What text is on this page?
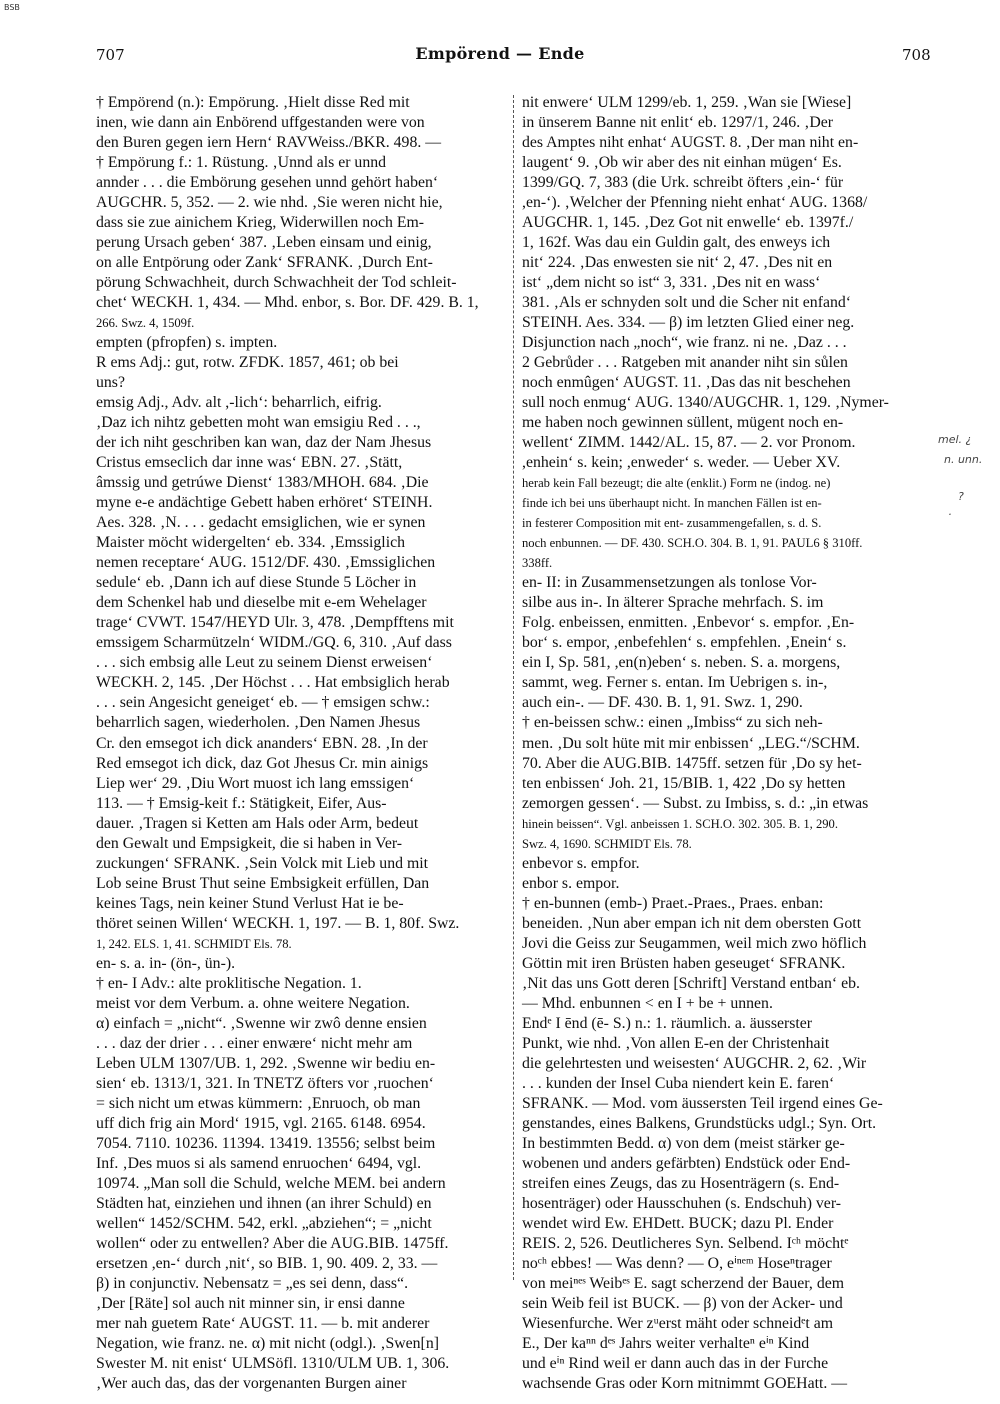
BSB
707	Empörend — Ende	708
† Empörend (n.): Empörung. ‚Hielt disse Red mit
inen, wie dann ain Enbörend uffgestanden were von
den Buren gegen iern Hern‘ RAVWeiss./BKR. 498. —
† Empörung f.: 1. Rüstung. ‚Unnd als er unnd
annder . . . die Embörung gesehen unnd gehört haben‘
AUGCHR. 5, 352. — 2. wie nhd. ‚Sie weren nicht hie,
dass sie zue ainichem Krieg, Widerwillen noch Em-
perung Ursach geben‘ 387. ‚Leben einsam und einig,
on alle Entpörung oder Zank‘ SFRANK. ‚Durch Ent-
pörung Schwachheit, durch Schwachheit der Tod schleit-
chet‘ WECKH. 1, 434. — Mhd. enbor, s. Bor. DF. 429. B. 1,
266. Swz. 4, 1509f.
empten (pfropfen) s. impten.
R ems Adj.: gut, rotw. ZFDK. 1857, 461; ob bei
uns?
emsig Adj., Adv. alt ,-lich‘: beharrlich, eifrig.
‚Daz ich nihtz gebetten moht wan emsigiu Red . . .,
der ich niht geschriben kan wan, daz der Nam Jhesus
Cristus emseclich dar inne was‘ EBN. 27. ‚Stätt,
âmssig und getrúwe Dienst‘ 1383/MHOH. 684. ‚Die
myne e-e andächtige Gebett haben erhöret‘ STEINH.
Aes. 328. ‚N. . . . gedacht emsiglichen, wie er synen
Maister möcht widergelten‘ eb. 334. ‚Emssiglich
nemen receptare‘ AUG. 1512/DF. 430. ‚Emssiglichen
sedule‘ eb. ‚Dann ich auf diese Stunde 5 Löcher in
dem Schenkel hab und dieselbe mit e-em Wehelager
trage‘ CVWT. 1547/HEYD Ulr. 3, 478. ‚Dempfftens mit
emssigem Scharmützeln‘ WIDM./GQ. 6, 310. ‚Auf dass
. . . sich embsig alle Leut zu seinem Dienst erweisen‘
WECKH. 2, 145. ‚Der Höchst . . . Hat embsiglich herab
. . . sein Angesicht geneiget‘ eb. — † emsigen schw.:
beharrlich sagen, wiederholen. ‚Den Namen Jhesus
Cr. den emsegot ich dick ananders‘ EBN. 28. ‚In der
Red emsegot ich dick, daz Got Jhesus Cr. min ainigs
Liep wer‘ 29. ‚Diu Wort muost ich lang emssigen‘
113. — † Emsig-keit f.: Stätigkeit, Eifer, Aus-
dauer. ‚Tragen si Ketten am Hals oder Arm, bedeut
den Gewalt und Empsigkeit, die si haben in Ver-
zuckungen‘ SFRANK. ‚Sein Volck mit Lieb und mit
Lob seine Brust Thut seine Embsigkeit erfüllen, Dan
keines Tags, nein keiner Stund Verlust Hat ie be-
thöret seinen Willen‘ WECKH. 1, 197. — B. 1, 80f. Swz.
1, 242. ELS. 1, 41. SCHMIDT Els. 78.
en- s. a. in- (ön-, ün-).
† en- I Adv.: alte proklitische Negation. 1.
meist vor dem Verbum. a. ohne weitere Negation.
α) einfach = „nicht“. ‚Swenne wir zwô denne ensien
. . . daz der drier . . . einer enwære‘ nicht mehr am
Leben ULM 1307/UB. 1, 292. ‚Swenne wir bediu en-
sien‘ eb. 1313/1, 321. In TNETZ öfters vor ‚ruochen‘
= sich nicht um etwas kümmern: ‚Enruoch, ob man
uff dich frig ain Mord‘ 1915, vgl. 2165. 6148. 6954.
7054. 7110. 10236. 11394. 13419. 13556; selbst beim
Inf. ‚Des muos si als samend enruochen‘ 6494, vgl.
10974. „Man soll die Schuld, welche MEM. bei andern
Städten hat, einziehen und ihnen (an ihrer Schuld) en
wellen“ 1452/SCHM. 542, erkl. „abziehen“; = „nicht
wollen“ oder zu entwellen? Aber die AUG.BIB. 1475ff.
ersetzen ,en-‘ durch ,nit‘, so BIB. 1, 90. 409. 2, 33. —
β) in conjunctiv. Nebensatz = „es sei denn, dass“.
‚Der [Räte] sol auch nit minner sin, ir ensi danne
mer nah guetem Rate‘ AUGST. 11. — b. mit anderer
Negation, wie franz. ne. α) mit nicht (odgl.). ‚Swen[n]
Swester M. nit enist‘ ULMSöfl. 1310/ULM UB. 1, 306.
‚Wer auch das, das der vorgenanten Burgen ainer
nit enwere‘ ULM 1299/eb. 1, 259. ‚Wan sie [Wiese]
in ünserem Banne nit enlit‘ eb. 1297/1, 246. ‚Der
des Amptes niht enhat‘ AUGST. 8. ‚Der man niht en-
laugent‘ 9. ‚Ob wir aber des nit einhan mügen‘ Es.
1399/GQ. 7, 383 (die Urk. schreibt öfters ,ein-‘ für
,en-‘). ‚Welcher der Pfenning nieht enhat‘ AUG. 1368/
AUGCHR. 1, 145. ‚Dez Got nit enwelle‘ eb. 1397f./
1, 162f. Was dau ein Guldin galt, des enweys ich
nit‘ 224. ‚Das enwesten sie nit‘ 2, 47. ‚Des nit en
ist‘ „dem nicht so ist“ 3, 331. ‚Des nit en wass‘
381. ‚Als er schnyden solt und die Scher nit enfand‘
STEINH. Aes. 334. — β) im letzten Glied einer neg.
Disjunction nach „noch“, wie franz. ni ne. ‚Daz . . .
2 Gebrůder . . . Ratgeben mit anander niht sin sůlen
noch enmûgen‘ AUGST. 11. ‚Das das nit beschehen
sull noch enmug‘ AUG. 1340/AUGCHR. 1, 129. ‚Nymer-
me haben noch gewinnen süllent, mügent noch en-
wellent‘ ZIMM. 1442/AL. 15, 87. — 2. vor Pronom.
,enhein‘ s. kein; ,enweder‘ s. weder. — Ueber XV.
herab kein Fall bezeugt; die alte (enklit.) Form ne (indog. ne)
finde ich bei uns überhaupt nicht. In manchen Fällen ist en-
in festerer Composition mit ent- zusammengefallen, s. d. S.
noch enbunnen. — DF. 430. SCH.O. 304. B. 1, 91. PAUL6 § 310ff.
338ff.
en- II: in Zusammensetzungen als tonlose Vor-
silbe aus in-. In älterer Sprache mehrfach. S. im
Folg. enbeissen, enmitten. ‚Enbevor‘ s. empfor. ‚En-
bor‘ s. empor, ,enbefehlen‘ s. empfehlen. ‚Enein‘ s.
ein I, Sp. 581, ,en(n)eben‘ s. neben. S. a. morgens,
sammt, weg. Ferner s. entan. Im Uebrigen s. in-,
auch ein-. — DF. 430. B. 1, 91. Swz. 1, 290.
† en-beissen schw.: einen „Imbiss“ zu sich neh-
men. ‚Du solt hüte mit mir enbissen‘ „LEG.“/SCHM.
70. Aber die AUG.BIB. 1475ff. setzen für ‚Do sy het-
ten enbissen‘ Joh. 21, 15/BIB. 1, 422 ‚Do sy hetten
zemorgen gessen‘. — Subst. zu Imbiss, s. d.: „in etwas
hinein beissen“. Vgl. anbeissen 1. SCH.O. 302. 305. B. 1, 290.
Swz. 4, 1690. SCHMIDT Els. 78.
enbevor s. empfor.
enbor s. empor.
† en-bunnen (emb-) Praet.-Praes., Praes. enban:
beneiden. ‚Nun aber empan ich nit dem obersten Gott
Jovi die Geiss zur Seugammen, weil mich zwo höflich
Göttin mit iren Brüsten haben geseuget‘ SFRANK.
‚Nit das uns Gott deren [Schrift] Verstand entban‘ eb.
— Mhd. enbunnen < en I + be + unnen.
Endᵉ I ēnd (ē- S.) n.: 1. räumlich. a. äusserster
Punkt, wie nhd. ‚Von allen E-en der Christenhait
die gelehrtesten und weisesten‘ AUGCHR. 2, 62. ‚Wir
. . . kunden der Insel Cuba niendert kein E. faren‘
SFRANK. — Mod. vom äussersten Teil irgend eines Ge-
genstandes, eines Balkens, Grundstücks udgl.; Syn. Ort.
In bestimmten Bedd. α) von dem (meist stärker ge-
wobenen und anders gefärbten) Endstück oder End-
streifen eines Zeugs, das zu Hosenträgern (s. End-
hosenträger) oder Hausschuhen (s. Endschuh) ver-
wendet wird Ew. EHDett. BUCK; dazu Pl. Ender
REIS. 2, 526. Deutlicheres Syn. Selbend. Iᶜʰ möchtᵉ
noᶜʰ ebbes! — Was denn? — O, eⁱⁿᵉᵐ Hoseⁿtrager
von meiⁿᵉˢ Weibᵉˢ E. sagt scherzend der Bauer, dem
sein Weib feil ist BUCK. — β) von der Acker- und
Wiesenfurche. Wer zᵘerst mäht oder schneidᵉt am
E., Der kaⁿⁿ dᵉˢ Jahrs weiter verhalteⁿ eⁱⁿ Kind
und eⁱⁿ Rind weil er dann auch das in der Furche
wachsende Gras oder Korn mitnimmt GOEHatt. —
mel. ¿
n. unn.
?
·
